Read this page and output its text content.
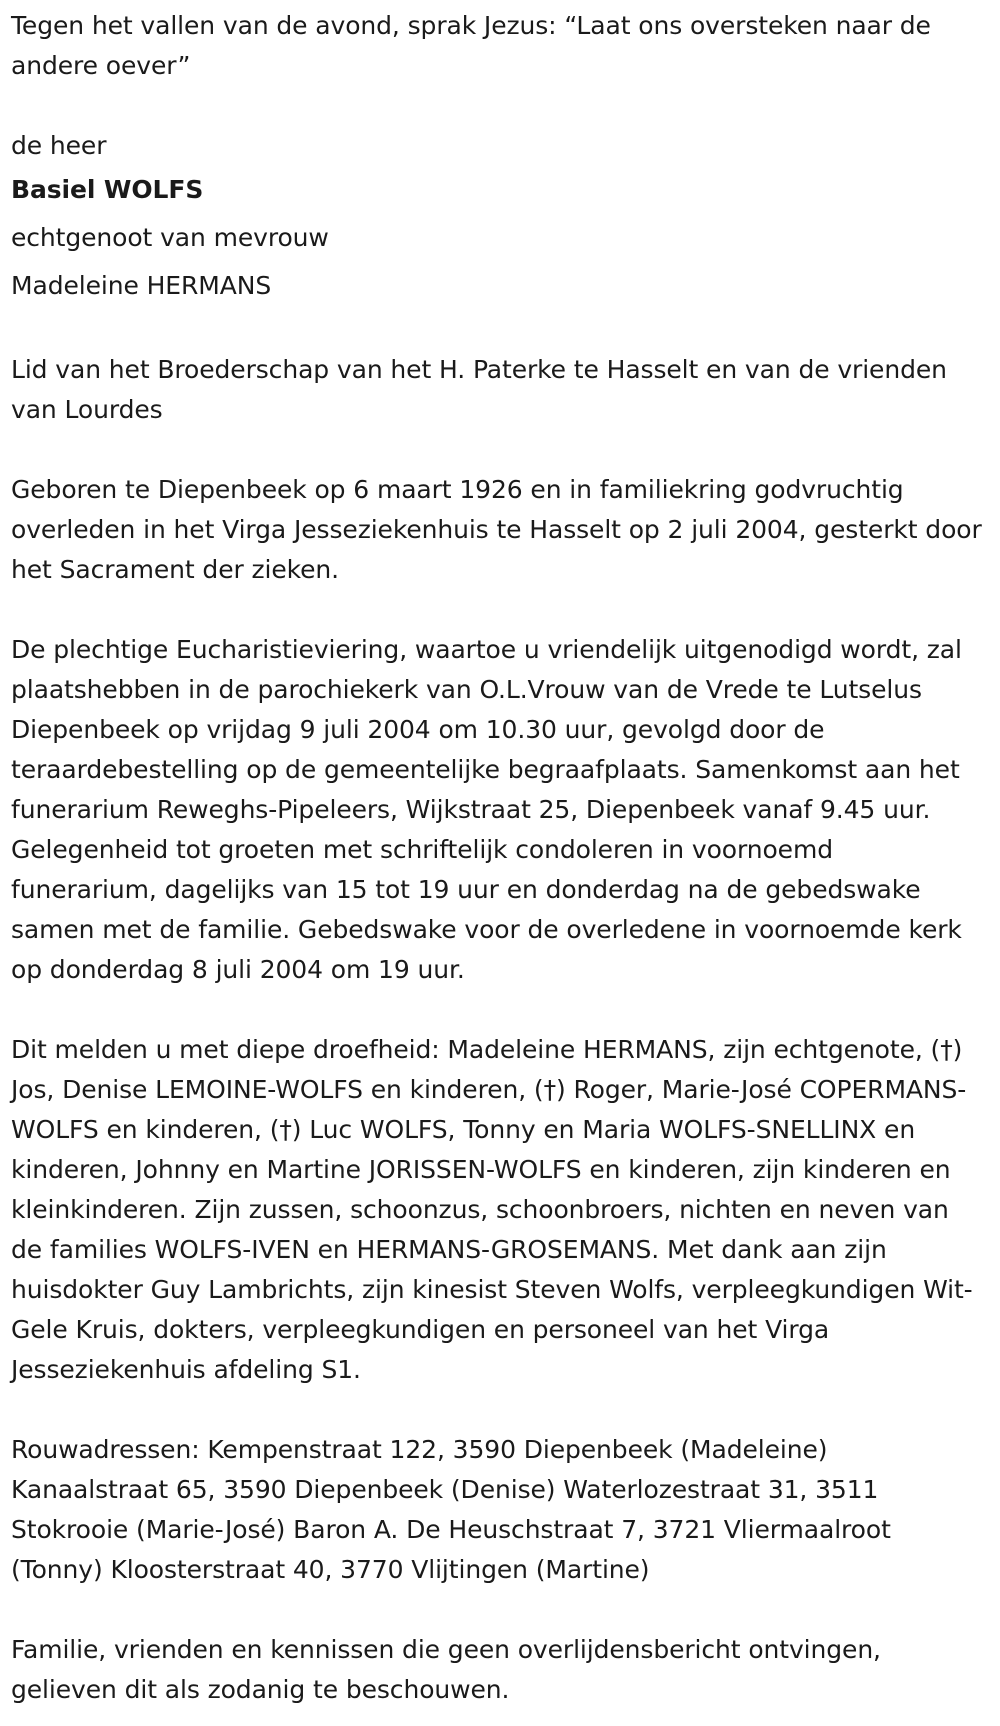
Tegen het vallen van de avond, sprak Jezus: “Laat ons oversteken naar de andere oever”

de heer

Basiel WOLFS

echtgenoot van mevrouw

Madeleine HERMANS

Lid van het Broederschap van het H. Paterke te Hasselt en van de vrienden van Lourdes

Geboren te Diepenbeek op 6 maart 1926 en in familiekring godvruchtig overleden in het Virga Jesseziekenhuis te Hasselt op 2 juli 2004, gesterkt door het Sacrament der zieken.

De plechtige Eucharistieviering, waartoe u vriendelijk uitgenodigd wordt, zal plaatshebben in de parochiekerk van O.L.Vrouw van de Vrede te Lutselus Diepenbeek op vrijdag 9 juli 2004 om 10.30 uur, gevolgd door de teraardebestelling op de gemeentelijke begraafplaats. Samenkomst aan het funerarium Reweghs-Pipeleers, Wijkstraat 25, Diepenbeek vanaf 9.45 uur. Gelegenheid tot groeten met schriftelijk condoleren in voornoemd funerarium, dagelijks van 15 tot 19 uur en donderdag na de gebedswake samen met de familie. Gebedswake voor de overledene in voornoemde kerk op donderdag 8 juli 2004 om 19 uur.

Dit melden u met diepe droefheid: Madeleine HERMANS, zijn echtgenote, (†) Jos, Denise LEMOINE-WOLFS en kinderen, (†) Roger, Marie-José COPERMANS-WOLFS en kinderen, (†) Luc WOLFS, Tonny en Maria WOLFS-SNELLINX en kinderen, Johnny en Martine JORISSEN-WOLFS en kinderen, zijn kinderen en kleinkinderen. Zijn zussen, schoonzus, schoonbroers, nichten en neven van de families WOLFS-IVEN en HERMANS-GROSEMANS. Met dank aan zijn huisdokter Guy Lambrichts, zijn kinesist Steven Wolfs, verpleegkundigen Wit-Gele Kruis, dokters, verpleegkundigen en personeel van het Virga Jesseziekenhuis afdeling S1.

Rouwadressen: Kempenstraat 122, 3590 Diepenbeek (Madeleine) Kanaalstraat 65, 3590 Diepenbeek (Denise) Waterlozestraat 31, 3511 Stokrooie (Marie-José) Baron A. De Heuschstraat 7, 3721 Vliermaalroot (Tonny) Kloosterstraat 40, 3770 Vlijtingen (Martine)

Familie, vrienden en kennissen die geen overlijdensbericht ontvingen, gelieven dit als zodanig te beschouwen.
